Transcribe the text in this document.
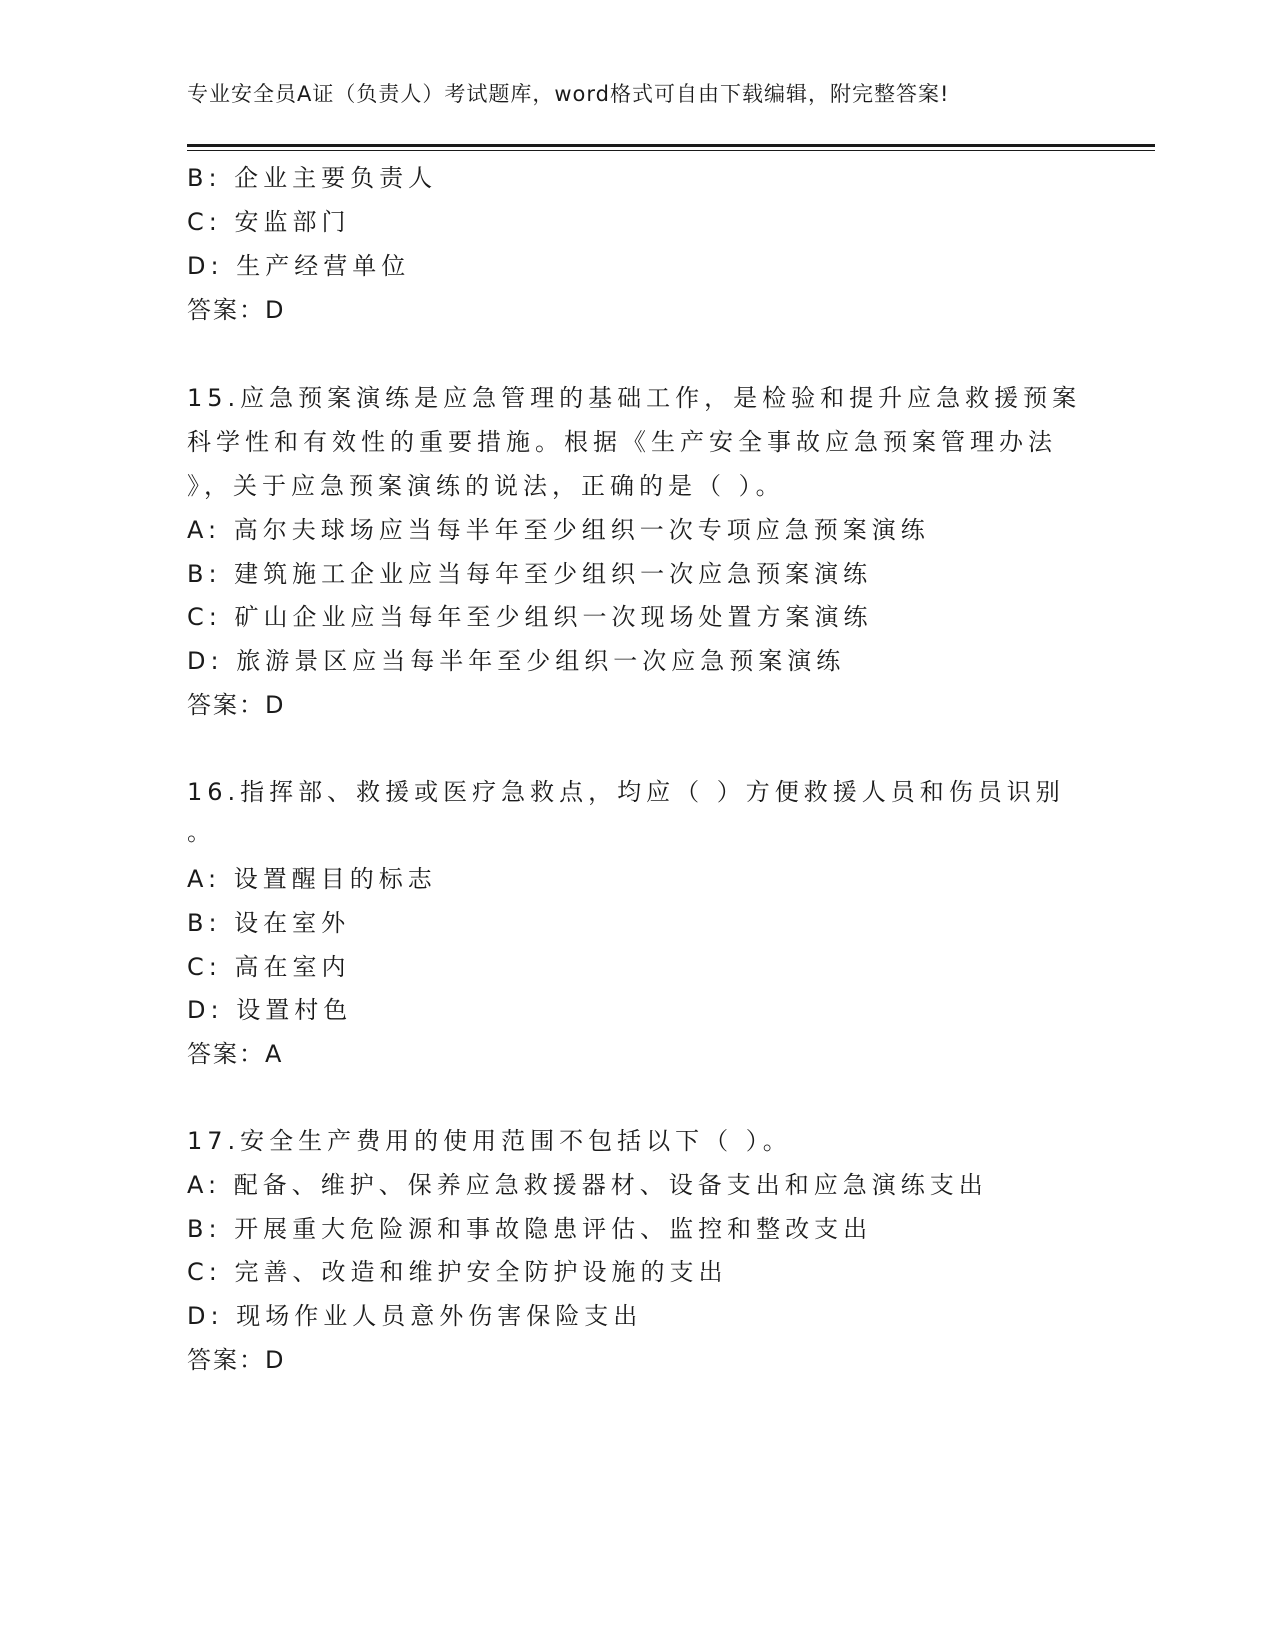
专业安全员A证（负责人）考试题库，word格式可自由下载编辑，附完整答案!
B: 企业主要负责人
C: 安监部门
D: 生产经营单位
答案：D
15.应急预案演练是应急管理的基础工作，是检验和提升应急救援预案
科学性和有效性的重要措施。根据《生产安全事故应急预案管理办法
》，关于应急预案演练的说法，正确的是（ ）。
A: 高尔夫球场应当每半年至少组织一次专项应急预案演练
B: 建筑施工企业应当每年至少组织一次应急预案演练
C: 矿山企业应当每年至少组织一次现场处置方案演练
D: 旅游景区应当每半年至少组织一次应急预案演练
答案：D
16.指挥部、救援或医疗急救点，均应（ ）方便救援人员和伤员识别
。
A: 设置醒目的标志
B: 设在室外
C: 高在室内
D: 设置村色
答案：A
17.安全生产费用的使用范围不包括以下（ ）。
A: 配备、维护、保养应急救援器材、设备支出和应急演练支出
B: 开展重大危险源和事故隐患评估、监控和整改支出
C: 完善、改造和维护安全防护设施的支出
D: 现场作业人员意外伤害保险支出
答案：D
